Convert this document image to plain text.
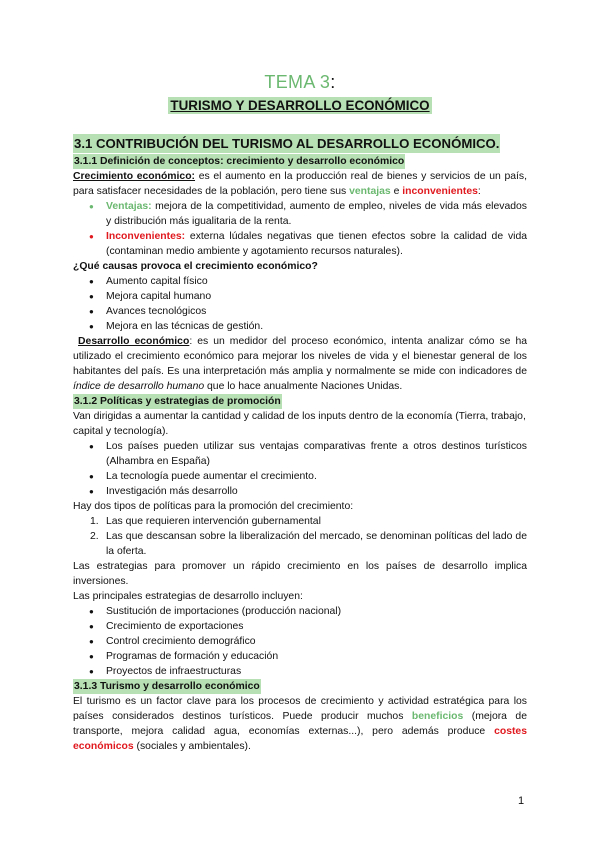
TEMA 3:
TURISMO Y DESARROLLO ECONÓMICO
3.1 CONTRIBUCIÓN DEL TURISMO AL DESARROLLO ECONÓMICO.
3.1.1 Definición de conceptos: crecimiento y desarrollo económico

Crecimiento económico: es el aumento en la producción real de bienes y servicios de un país, para satisfacer necesidades de la población, pero tiene sus ventajas e inconvenientes:

● Ventajas: mejora de la competitividad, aumento de empleo, niveles de vida más elevados y distribución más igualitaria de la renta.
● Inconvenientes: externa lúdales negativas que tienen efectos sobre la calidad de vida (contaminan medio ambiente y agotamiento recursos naturales).

¿Qué causas provoca el crecimiento económico?

● Aumento capital físico
● Mejora capital humano
● Avances tecnológicos
● Mejora en las técnicas de gestión.

Desarrollo económico: es un medidor del proceso económico, intenta analizar cómo se ha utilizado el crecimiento económico para mejorar los niveles de vida y el bienestar general de los habitantes del país. Es una interpretación más amplia y normalmente se mide con indicadores de índice de desarrollo humano que lo hace anualmente Naciones Unidas.

3.1.2 Políticas y estrategias de promoción

Van dirigidas a aumentar la cantidad y calidad de los inputs dentro de la economía (Tierra, trabajo, capital y tecnología).

● Los países pueden utilizar sus ventajas comparativas frente a otros destinos turísticos (Alhambra en España)
● La tecnología puede aumentar el crecimiento.
● Investigación más desarrollo

Hay dos tipos de políticas para la promoción del crecimiento:

1. Las que requieren intervención gubernamental
2. Las que descansan sobre la liberalización del mercado, se denominan políticas del lado de la oferta.

Las estrategias para promover un rápido crecimiento en los países de desarrollo implica inversiones.

Las principales estrategias de desarrollo incluyen:

● Sustitución de importaciones (producción nacional)
● Crecimiento de exportaciones
● Control crecimiento demográfico
● Programas de formación y educación
● Proyectos de infraestructuras
3.1.3 Turismo y desarrollo económico

El turismo es un factor clave para los procesos de crecimiento y actividad estratégica para los países considerados destinos turísticos. Puede producir muchos beneficios (mejora de transporte, mejora calidad agua, economías externas...), pero además produce costes económicos (sociales y ambientales).

1
